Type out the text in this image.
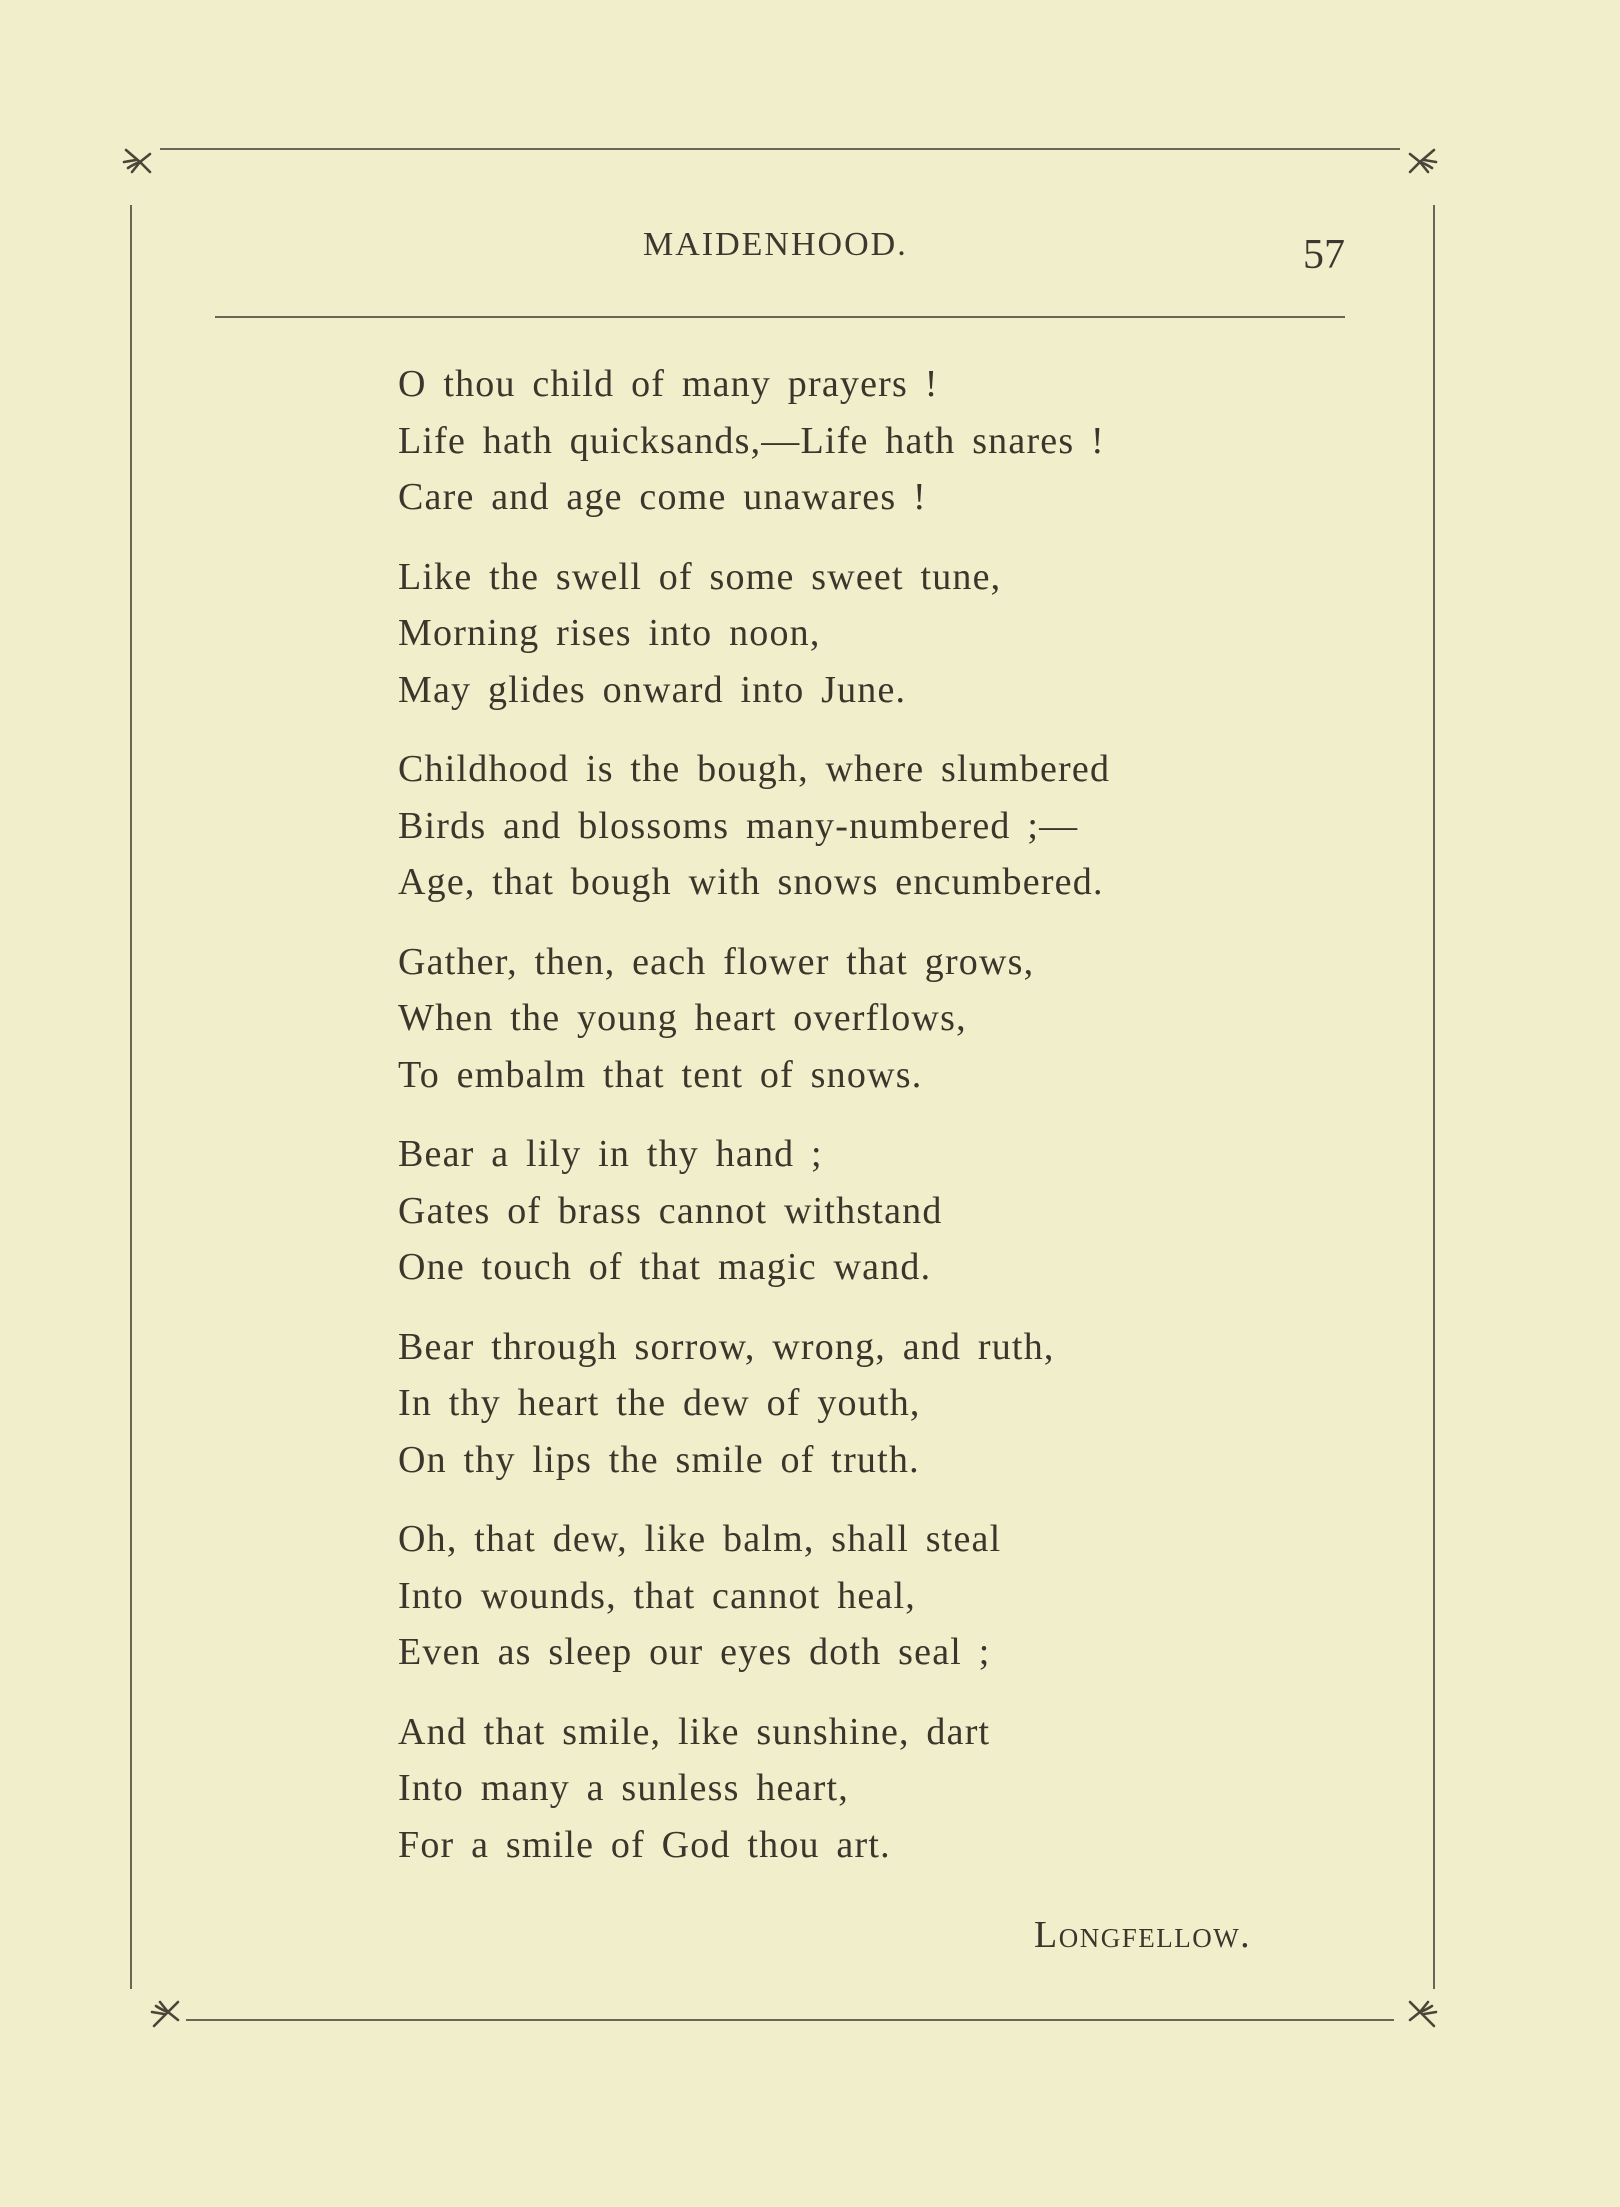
MAIDENHOOD.	57
O thou child of many prayers !
Life hath quicksands,—Life hath snares !
Care and age come unawares !
Like the swell of some sweet tune,
Morning rises into noon,
May glides onward into June.
Childhood is the bough, where slumbered
Birds and blossoms many-numbered ;—
Age, that bough with snows encumbered.
Gather, then, each flower that grows,
When the young heart overflows,
To embalm that tent of snows.
Bear a lily in thy hand ;
Gates of brass cannot withstand
One touch of that magic wand.
Bear through sorrow, wrong, and ruth,
In thy heart the dew of youth,
On thy lips the smile of truth.
Oh, that dew, like balm, shall steal
Into wounds, that cannot heal,
Even as sleep our eyes doth seal ;
And that smile, like sunshine, dart
Into many a sunless heart,
For a smile of God thou art.
Longfellow.
